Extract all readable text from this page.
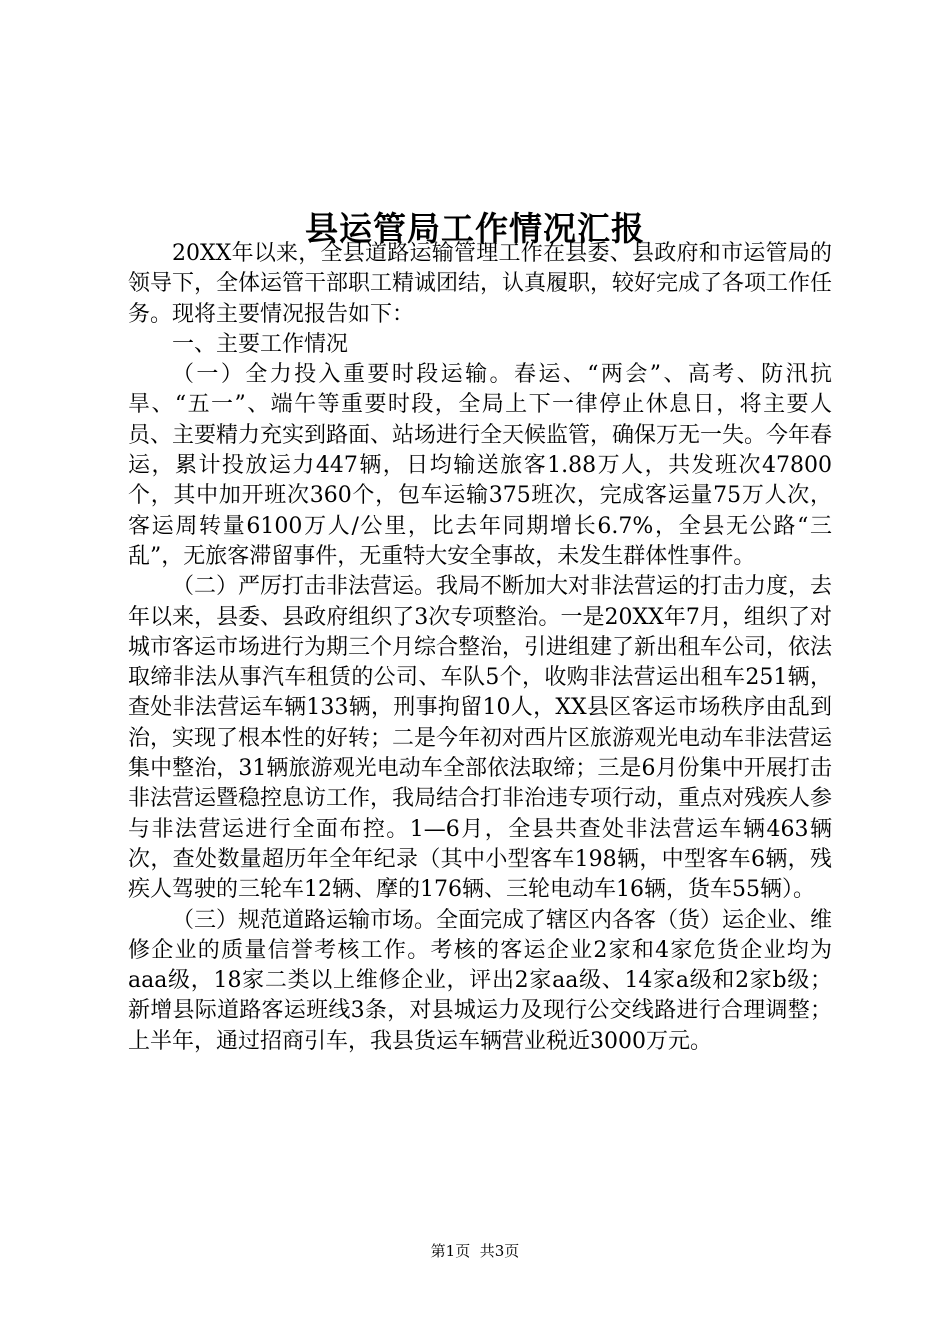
县运管局工作情况汇报

20XX年以来，全县道路运输管理工作在县委、县政府和市运管局的领导下，全体运管干部职工精诚团结，认真履职，较好完成了各项工作任务。现将主要情况报告如下：

一、主要工作情况

（一）全力投入重要时段运输。春运、“两会”、高考、防汛抗旱、“五一”、端午等重要时段，全局上下一律停止休息日，将主要人员、主要精力充实到路面、站场进行全天候监管，确保万无一失。今年春运，累计投放运力447辆，日均输送旅客1.88万人，共发班次47800个，其中加开班次360个，包车运输375班次，完成客运量75万人次，客运周转量6100万人/公里，比去年同期增长6.7%，全县无公路“三乱”，无旅客滞留事件，无重特大安全事故，未发生群体性事件。

（二）严厉打击非法营运。我局不断加大对非法营运的打击力度，去年以来，县委、县政府组织了3次专项整治。一是20XX年7月，组织了对城市客运市场进行为期三个月综合整治，引进组建了新出租车公司，依法取缔非法从事汽车租赁的公司、车队5个，收购非法营运出租车251辆，查处非法营运车辆133辆，刑事拘留10人，XX县区客运市场秩序由乱到治，实现了根本性的好转；二是今年初对西片区旅游观光电动车非法营运集中整治，31辆旅游观光电动车全部依法取缔；三是6月份集中开展打击非法营运暨稳控息访工作，我局结合打非治违专项行动，重点对残疾人参与非法营运进行全面布控。1—6月，全县共查处非法营运车辆463辆次，查处数量超历年全年纪录（其中小型客车198辆，中型客车6辆，残疾人驾驶的三轮车12辆、摩的176辆、三轮电动车16辆，货车55辆）。

（三）规范道路运输市场。全面完成了辖区内各客（货）运企业、维修企业的质量信誉考核工作。考核的客运企业2家和4家危货企业均为aaa级，18家二类以上维修企业，评出2家aa级、14家a级和2家b级；新增县际道路客运班线3条，对县城运力及现行公交线路进行合理调整；上半年，通过招商引车，我县货运车辆营业税近3000万元。

第1页 共3页
